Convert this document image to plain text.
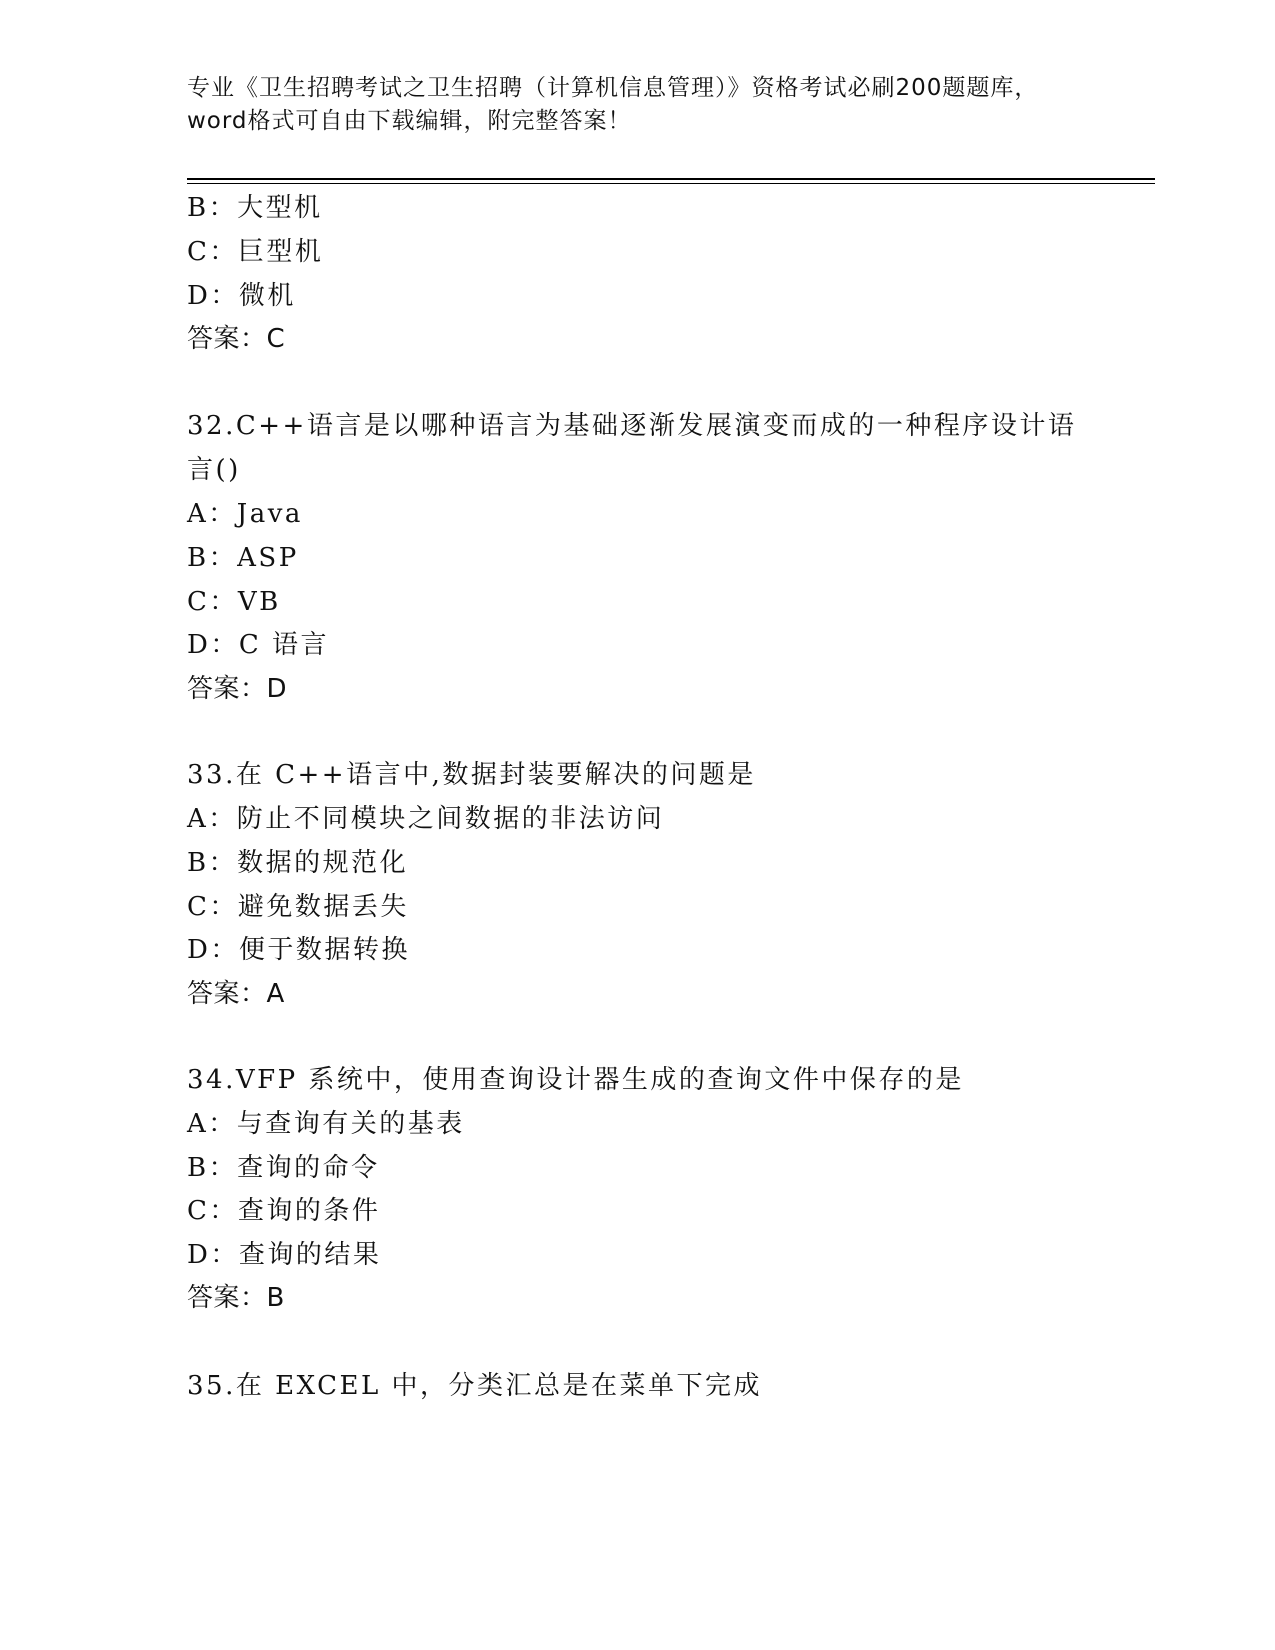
专业《卫生招聘考试之卫生招聘（计算机信息管理）》资格考试必刷200题题库，
word格式可自由下载编辑，附完整答案！
B：大型机
C：巨型机
D：微机
答案：C
32.C++语言是以哪种语言为基础逐渐发展演变而成的一种程序设计语
言()
A：Java
B：ASP
C：VB
D：C 语言
答案：D
33.在 C++语言中,数据封装要解决的问题是
A：防止不同模块之间数据的非法访问
B：数据的规范化
C：避免数据丢失
D：便于数据转换
答案：A
34.VFP 系统中，使用查询设计器生成的查询文件中保存的是
A：与查询有关的基表
B：查询的命令
C：查询的条件
D：查询的结果
答案：B
35.在 EXCEL 中，分类汇总是在菜单下完成
